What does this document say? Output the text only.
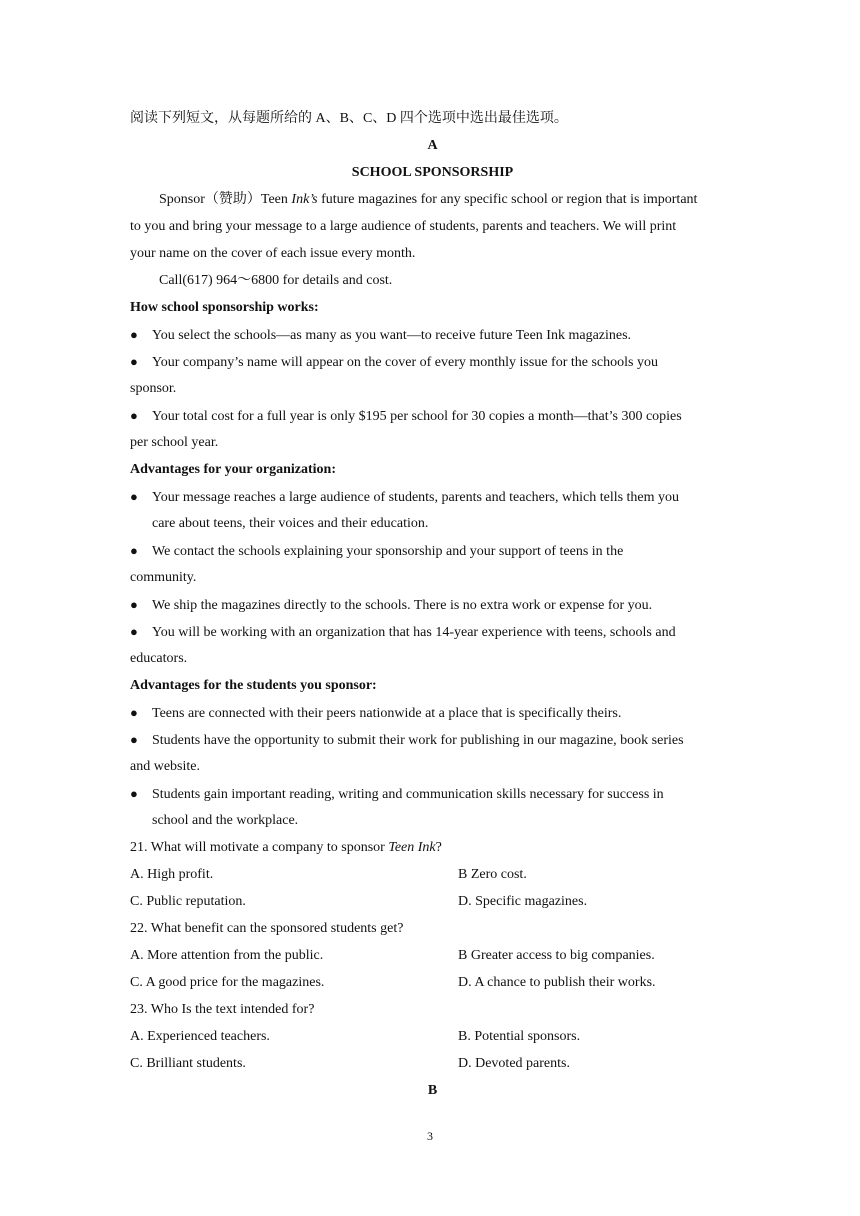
阅读下列短文，从每题所给的 A、B、C、D 四个选项中选出最佳选项。
A
SCHOOL SPONSORSHIP
Sponsor（赞助）Teen Ink’s future magazines for any specific school or region that is important
to you and bring your message to a large audience of students, parents and teachers. We will print
your name on the cover of each issue every month.
Call(617) 964～6800 for details and cost.
How school sponsorship works:
● You select the schools—as many as you want—to receive future Teen Ink magazines.
● Your company’s name will appear on the cover of every monthly issue for the schools you
sponsor.
● Your total cost for a full year is only $195 per school for 30 copies a month—that’s 300 copies
per school year.
Advantages for your organization:
● Your message reaches a large audience of students, parents and teachers, which tells them you
care about teens, their voices and their education.
● We contact the schools explaining your sponsorship and your support of teens in the
community.
● We ship the magazines directly to the schools. There is no extra work or expense for you.
● You will be working with an organization that has 14-year experience with teens, schools and
educators.
Advantages for the students you sponsor:
● Teens are connected with their peers nationwide at a place that is specifically theirs.
● Students have the opportunity to submit their work for publishing in our magazine, book series
and website.
● Students gain important reading, writing and communication skills necessary for success in
school and the workplace.
21. What will motivate a company to sponsor Teen Ink?
A. High profit.	B Zero cost.
C. Public reputation.	D. Specific magazines.
22. What benefit can the sponsored students get?
A. More attention from the public.	B Greater access to big companies.
C. A good price for the magazines.	D. A chance to publish their works.
23. Who Is the text intended for?
A. Experienced teachers.	B. Potential sponsors.
C. Brilliant students.	D. Devoted parents.
B
3
